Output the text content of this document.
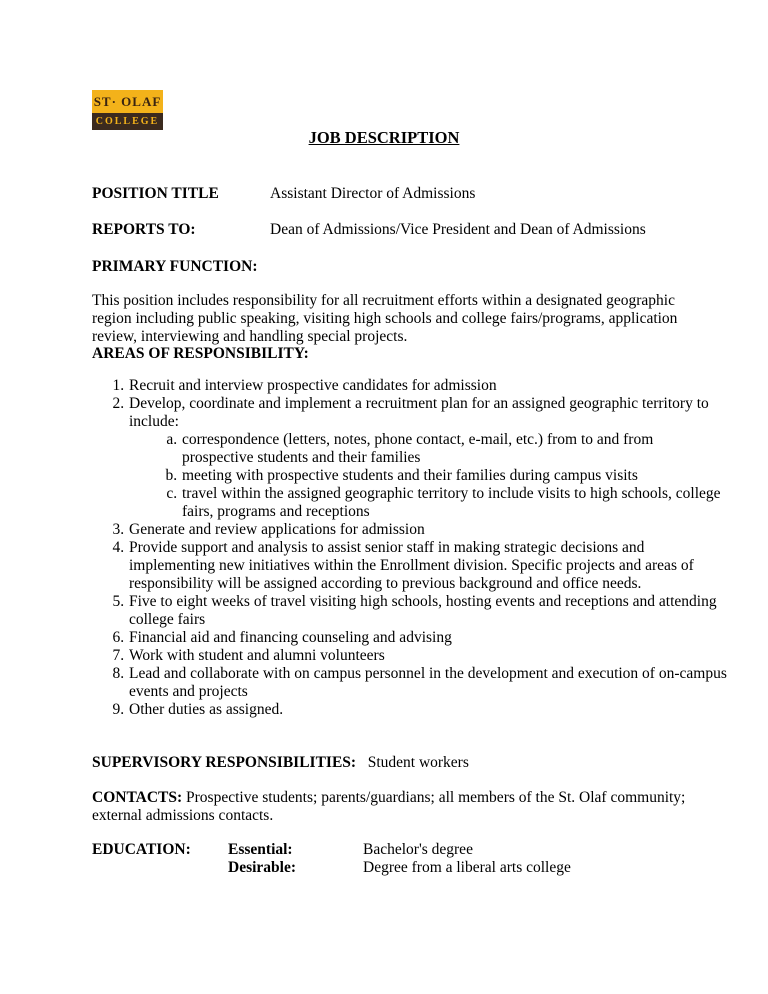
ST· OLAF
COLLEGE
JOB DESCRIPTION
POSITION TITLE	Assistant Director of Admissions
REPORTS TO:	Dean of Admissions/Vice President and Dean of Admissions
PRIMARY FUNCTION:
This position includes responsibility for all recruitment efforts within a designated geographic region including public speaking, visiting high schools and college fairs/programs, application review, interviewing and handling special projects.
AREAS OF RESPONSIBILITY:
1. Recruit and interview prospective candidates for admission
2. Develop, coordinate and implement a recruitment plan for an assigned geographic territory to include:
a. correspondence (letters, notes, phone contact, e-mail, etc.) from to and from prospective students and their families
b. meeting with prospective students and their families during campus visits
c. travel within the assigned geographic territory to include visits to high schools, college fairs, programs and receptions
3. Generate and review applications for admission
4. Provide support and analysis to assist senior staff in making strategic decisions and implementing new initiatives within the Enrollment division. Specific projects and areas of responsibility will be assigned according to previous background and office needs.
5. Five to eight weeks of travel visiting high schools, hosting events and receptions and attending college fairs
6. Financial aid and financing counseling and advising
7. Work with student and alumni volunteers
8. Lead and collaborate with on campus personnel in the development and execution of on-campus events and projects
9. Other duties as assigned.
SUPERVISORY RESPONSIBILITIES: Student workers
CONTACTS: Prospective students; parents/guardians; all members of the St. Olaf community; external admissions contacts.
EDUCATION: Essential:	Bachelor's degree
Desirable:	Degree from a liberal arts college
